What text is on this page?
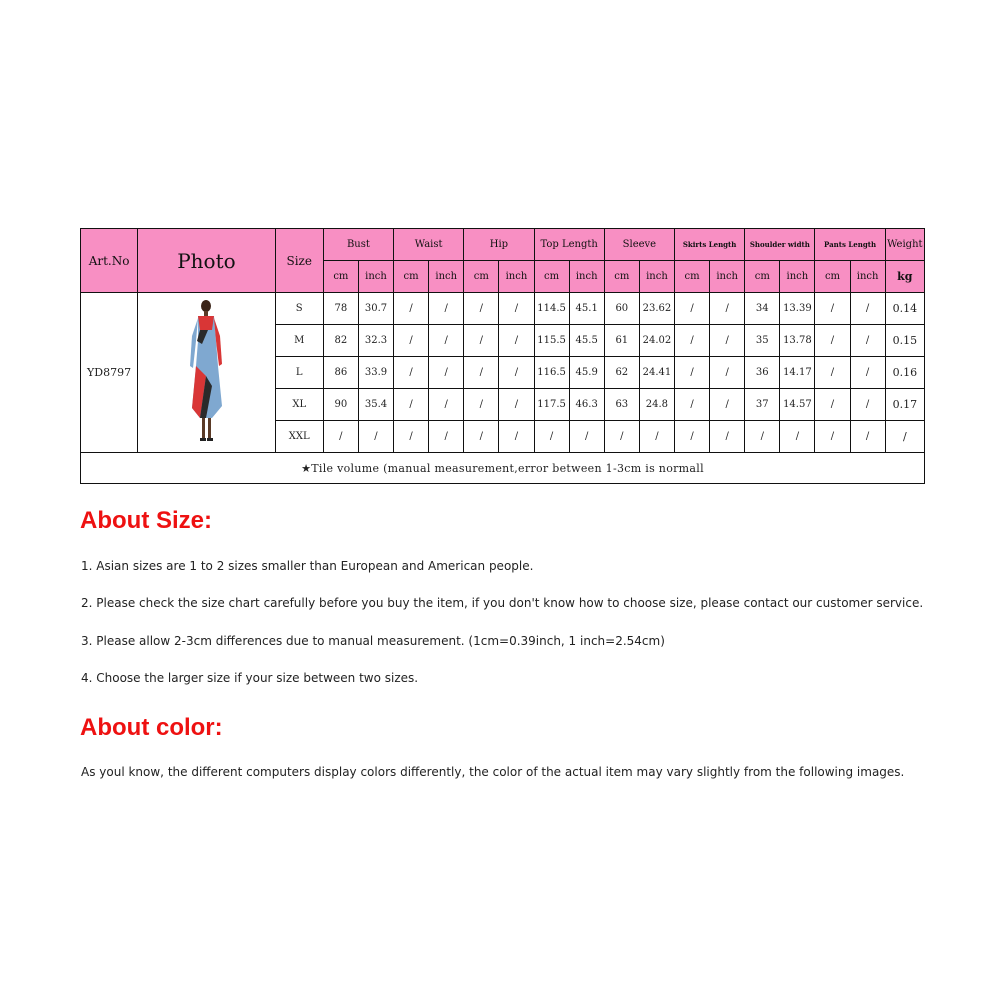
Art.No	Photo	Size	Bust		Waist		Hip		Top Length		Sleeve		Skirts Length		Shoulder width		Pants Length		Weight
			cm	inch	cm	inch	cm	inch	cm	inch	cm	inch	cm	inch	cm	inch	cm	inch	kg
YD8797		S	78	30.7	/	/	/	/	114.5	45.1	60	23.62	/	/	34	13.39	/	/	0.14
		M	82	32.3	/	/	/	/	115.5	45.5	61	24.02	/	/	35	13.78	/	/	0.15
		L	86	33.9	/	/	/	/	116.5	45.9	62	24.41	/	/	36	14.17	/	/	0.16
		XL	90	35.4	/	/	/	/	117.5	46.3	63	24.8	/	/	37	14.57	/	/	0.17
		XXL	/	/	/	/	/	/	/	/	/	/	/	/	/	/	/	/	/
★Tile volume (manual measurement,error between 1-3cm is normall																			
About Size:

1. Asian sizes are 1 to 2 sizes smaller than European and American people.

2. Please check the size chart carefully before you buy the item, if you don't know how to choose size, please contact our customer service.

3. Please allow 2-3cm differences due to manual measurement. (1cm=0.39inch, 1 inch=2.54cm)

4. Choose the larger size if your size between two sizes.

About color:

As youl know, the different computers display colors differently, the color of the actual item may vary slightly from the following images.
